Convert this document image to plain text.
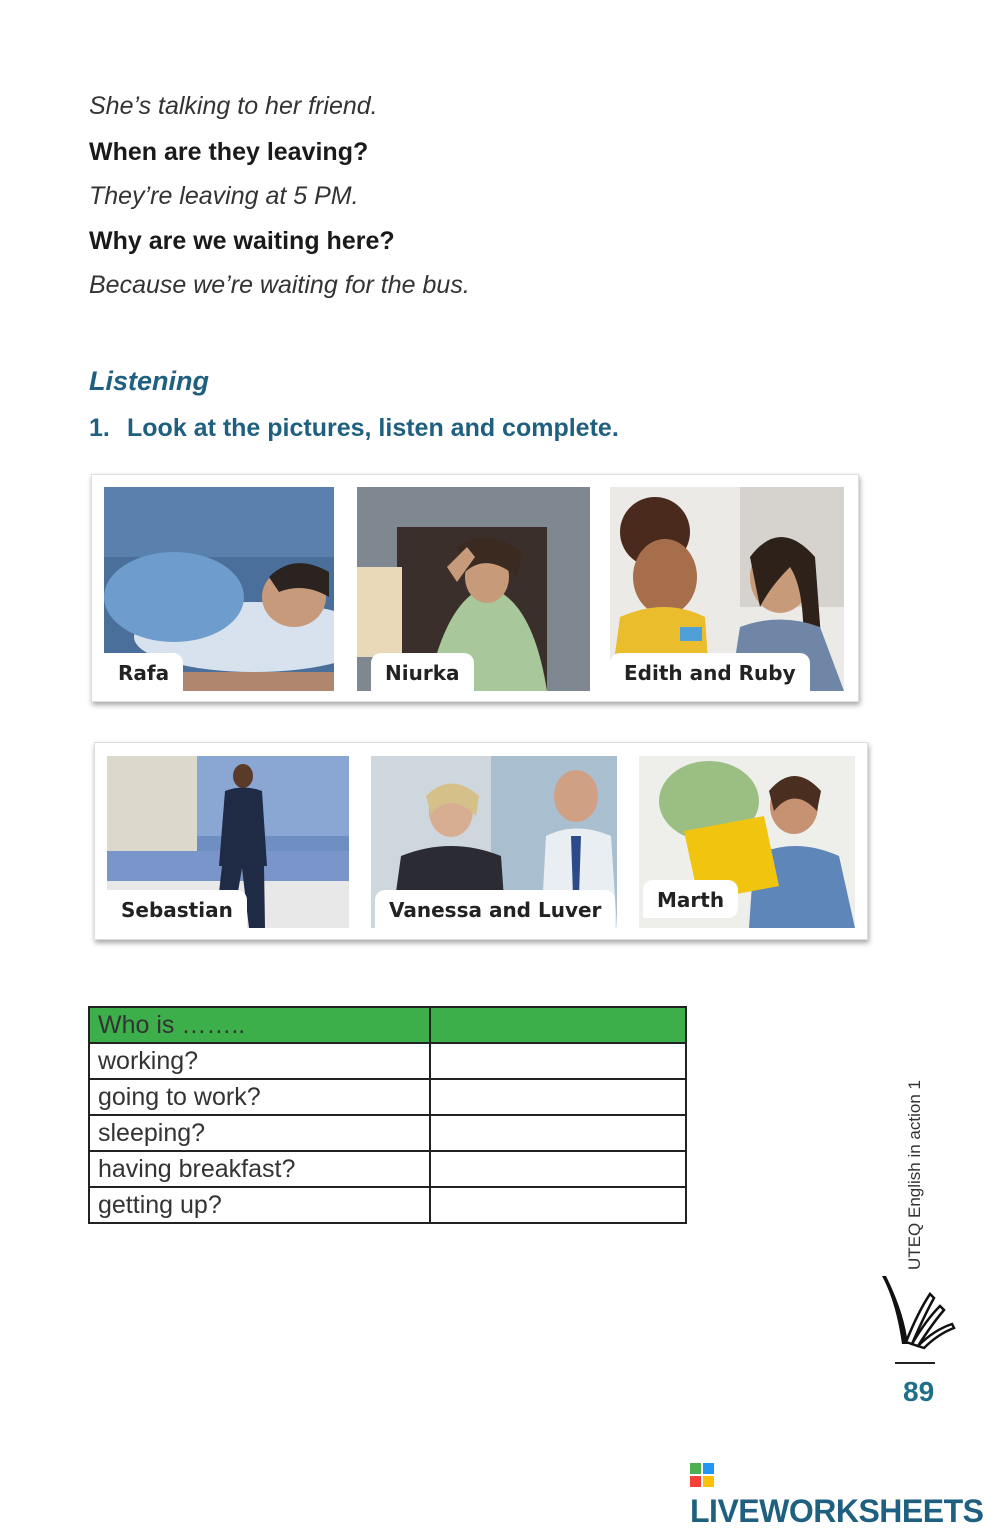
She’s talking to her friend.
When are they leaving?
They’re leaving at 5 PM.
Why are we waiting here?
Because we’re waiting for the bus.
Listening
1. Look at the pictures, listen and complete.
Rafa	Niurka	Edith and Ruby
Sebastian	Vanessa and Luver	Marth
Who is ……..	
working?	
going to work?	
sleeping?	
having breakfast?	
getting up?		UTEQ English in action 1
89
LIVEWORKSHEETS
